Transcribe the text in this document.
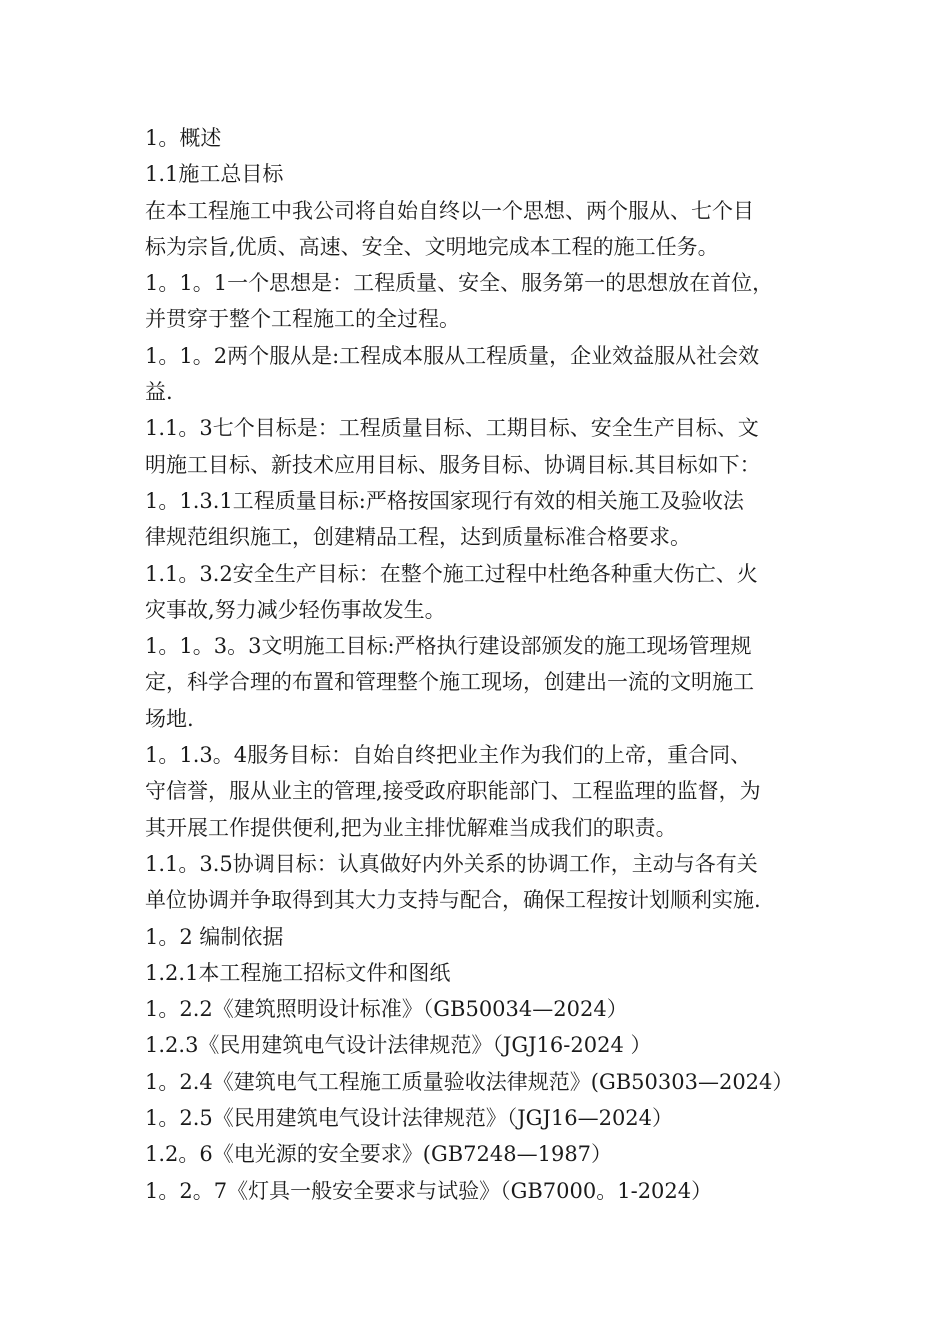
1。概述
1.1施工总目标
在本工程施工中我公司将自始自终以一个思想、两个服从、七个目
标为宗旨,优质、高速、安全、文明地完成本工程的施工任务。
1。1。1一个思想是：工程质量、安全、服务第一的思想放在首位，
并贯穿于整个工程施工的全过程。
1。1。2两个服从是:工程成本服从工程质量，企业效益服从社会效
益.
1.1。3七个目标是：工程质量目标、工期目标、安全生产目标、文
明施工目标、新技术应用目标、服务目标、协调目标.其目标如下：
1。1.3.1工程质量目标:严格按国家现行有效的相关施工及验收法
律规范组织施工，创建精品工程，达到质量标准合格要求。
1.1。3.2安全生产目标：在整个施工过程中杜绝各种重大伤亡、火
灾事故,努力减少轻伤事故发生。
1。1。3。3文明施工目标:严格执行建设部颁发的施工现场管理规
定，科学合理的布置和管理整个施工现场，创建出一流的文明施工
场地.
1。1.3。4服务目标：自始自终把业主作为我们的上帝，重合同、
守信誉，服从业主的管理,接受政府职能部门、工程监理的监督，为
其开展工作提供便利,把为业主排忧解难当成我们的职责。
1.1。3.5协调目标：认真做好内外关系的协调工作，主动与各有关
单位协调并争取得到其大力支持与配合，确保工程按计划顺利实施.
1。2 编制依据
1.2.1本工程施工招标文件和图纸
1。2.2《建筑照明设计标准》（GB50034—2024）
1.2.3《民用建筑电气设计法律规范》（JGJ16-2024 ）
1。2.4《建筑电气工程施工质量验收法律规范》(GB50303—2024）
1。2.5《民用建筑电气设计法律规范》（JGJ16—2024）
1.2。6《电光源的安全要求》(GB7248—1987）
1。2。7《灯具一般安全要求与试验》（GB7000。1-2024）
